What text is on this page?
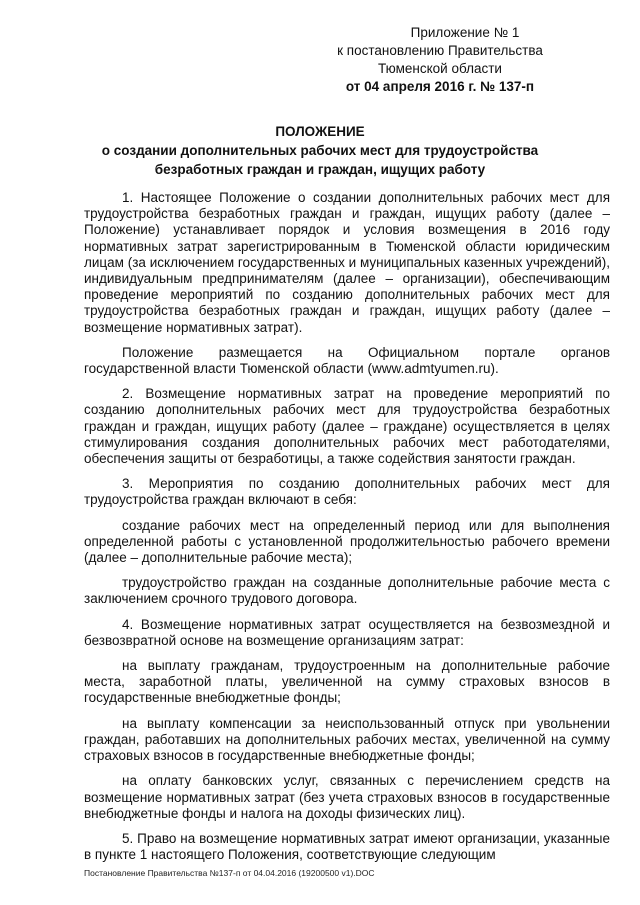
Приложение № 1
к постановлению Правительства
Тюменской области
от 04 апреля 2016 г. № 137-п
ПОЛОЖЕНИЕ
о создании дополнительных рабочих мест для трудоустройства
безработных граждан и граждан, ищущих работу

1. Настоящее Положение о создании дополнительных рабочих мест для трудоустройства безработных граждан и граждан, ищущих работу (далее – Положение) устанавливает порядок и условия возмещения в 2016 году нормативных затрат зарегистрированным в Тюменской области юридическим лицам (за исключением государственных и муниципальных казенных учреждений), индивидуальным предпринимателям (далее – организации), обеспечивающим проведение мероприятий по созданию дополнительных рабочих мест для трудоустройства безработных граждан и граждан, ищущих работу (далее – возмещение нормативных затрат).

Положение размещается на Официальном портале органов государственной власти Тюменской области (www.admtyumen.ru).

2. Возмещение нормативных затрат на проведение мероприятий по созданию дополнительных рабочих мест для трудоустройства безработных граждан и граждан, ищущих работу (далее – граждане) осуществляется в целях стимулирования создания дополнительных рабочих мест работодателями, обеспечения защиты от безработицы, а также содействия занятости граждан.

3. Мероприятия по созданию дополнительных рабочих мест для трудоустройства граждан включают в себя:

создание рабочих мест на определенный период или для выполнения определенной работы с установленной продолжительностью рабочего времени (далее – дополнительные рабочие места);

трудоустройство граждан на созданные дополнительные рабочие места с заключением срочного трудового договора.

4. Возмещение нормативных затрат осуществляется на безвозмездной и безвозвратной основе на возмещение организациям затрат:

на выплату гражданам, трудоустроенным на дополнительные рабочие места, заработной платы, увеличенной на сумму страховых взносов в государственные внебюджетные фонды;

на выплату компенсации за неиспользованный отпуск при увольнении граждан, работавших на дополнительных рабочих местах, увеличенной на сумму страховых взносов в государственные внебюджетные фонды;

на оплату банковских услуг, связанных с перечислением средств на возмещение нормативных затрат (без учета страховых взносов в государственные внебюджетные фонды и налога на доходы физических лиц).

5. Право на возмещение нормативных затрат имеют организации, указанные в пункте 1 настоящего Положения, соответствующие следующим

Постановление Правительства №137-п от 04.04.2016 (19200500 v1).DOC
